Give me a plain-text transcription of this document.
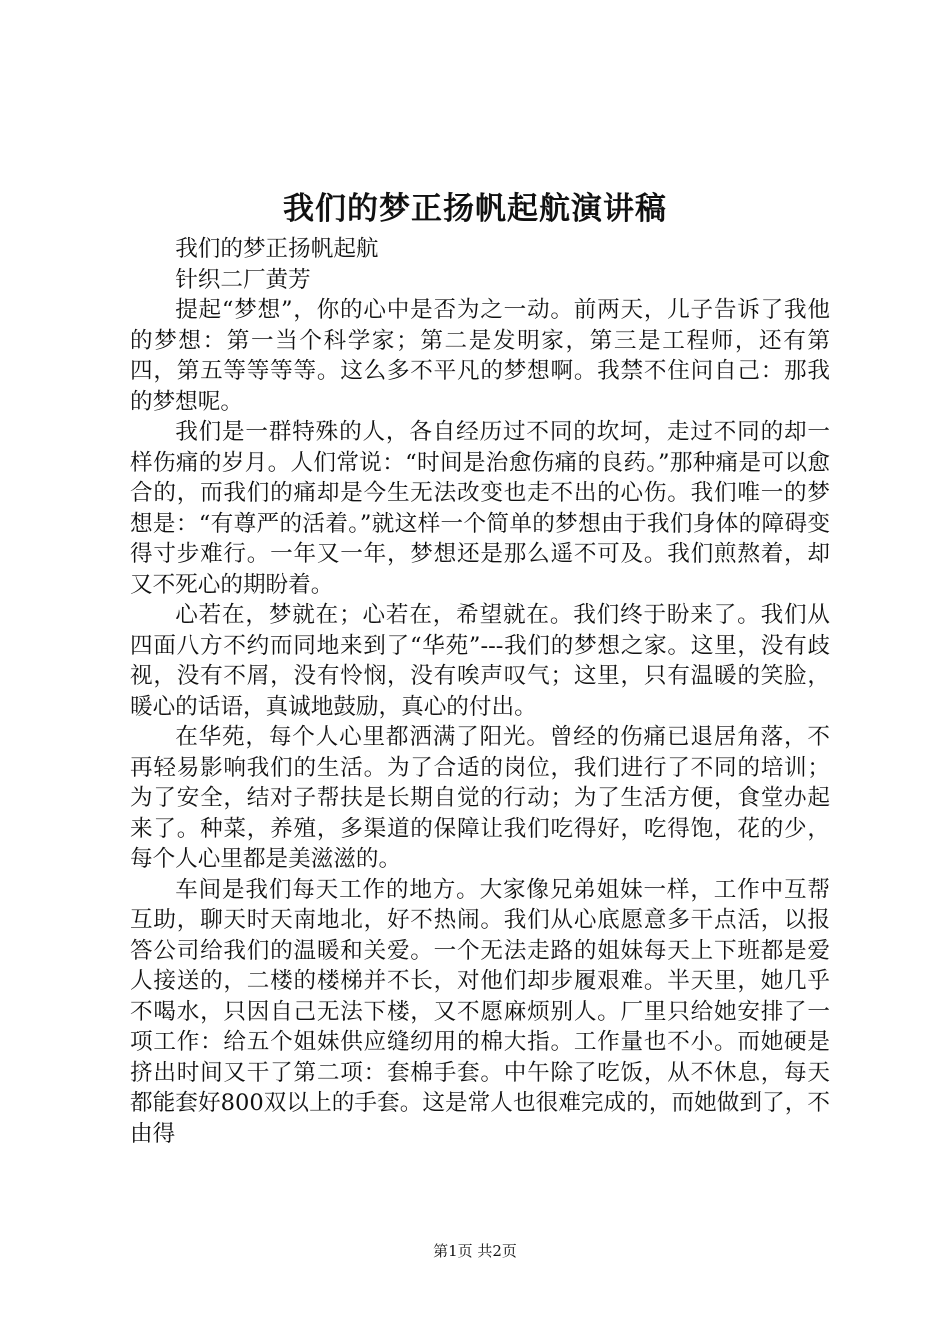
我们的梦正扬帆起航演讲稿

我们的梦正扬帆起航

针织二厂黄芳

提起“梦想”，你的心中是否为之一动。前两天，儿子告诉了我他的梦想：第一当个科学家；第二是发明家，第三是工程师，还有第四，第五等等等等。这么多不平凡的梦想啊。我禁不住问自己：那我的梦想呢。

我们是一群特殊的人，各自经历过不同的坎坷，走过不同的却一样伤痛的岁月。人们常说：“时间是治愈伤痛的良药。”那种痛是可以愈合的，而我们的痛却是今生无法改变也走不出的心伤。我们唯一的梦想是：“有尊严的活着。”就这样一个简单的梦想由于我们身体的障碍变得寸步难行。一年又一年，梦想还是那么遥不可及。我们煎熬着，却又不死心的期盼着。

心若在，梦就在；心若在，希望就在。我们终于盼来了。我们从四面八方不约而同地来到了“华苑”---我们的梦想之家。这里，没有歧视，没有不屑，没有怜悯，没有唉声叹气；这里，只有温暖的笑脸，暖心的话语，真诚地鼓励，真心的付出。

在华苑，每个人心里都洒满了阳光。曾经的伤痛已退居角落，不再轻易影响我们的生活。为了合适的岗位，我们进行了不同的培训；为了安全，结对子帮扶是长期自觉的行动；为了生活方便，食堂办起来了。种菜，养殖，多渠道的保障让我们吃得好，吃得饱，花的少，每个人心里都是美滋滋的。

车间是我们每天工作的地方。大家像兄弟姐妹一样，工作中互帮互助，聊天时天南地北，好不热闹。我们从心底愿意多干点活，以报答公司给我们的温暖和关爱。一个无法走路的姐妹每天上下班都是爱人接送的，二楼的楼梯并不长，对他们却步履艰难。半天里，她几乎不喝水，只因自己无法下楼，又不愿麻烦别人。厂里只给她安排了一项工作：给五个姐妹供应缝纫用的棉大指。工作量也不小。而她硬是挤出时间又干了第二项：套棉手套。中午除了吃饭，从不休息，每天都能套好800双以上的手套。这是常人也很难完成的，而她做到了，不由得

第1页 共2页
